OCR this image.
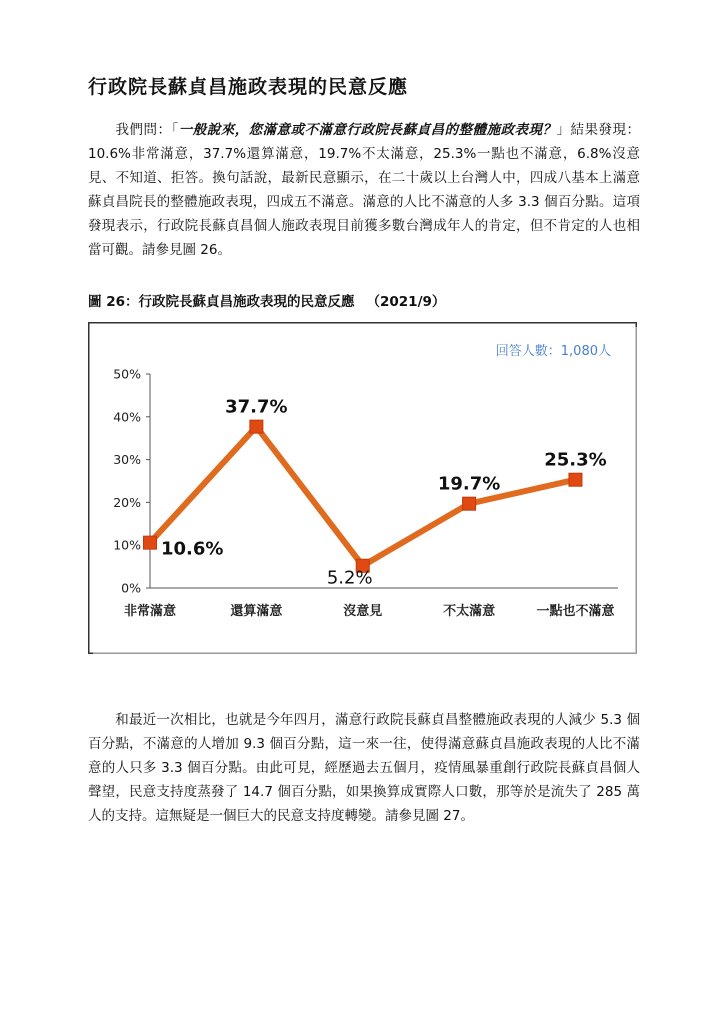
行政院長蘇貞昌施政表現的民意反應

我們問：「一般說來，您滿意或不滿意行政院長蘇貞昌的整體施政表現？」結果發現：10.6%非常滿意，37.7%還算滿意，19.7%不太滿意，25.3%一點也不滿意，6.8%沒意見、不知道、拒答。換句話說，最新民意顯示，在二十歲以上台灣人中，四成八基本上滿意蘇貞昌院長的整體施政表現，四成五不滿意。滿意的人比不滿意的人多 3.3 個百分點。這項發現表示，行政院長蘇貞昌個人施政表現目前獲多數台灣成年人的肯定，但不肯定的人也相當可觀。請參見圖 26。

圖 26：行政院長蘇貞昌施政表現的民意反應 （2021/9）

回答人數：1,080人
0%
10%
20%
30%
40%
50%
非常滿意	還算滿意	沒意見	不太滿意	一點也不滿意
10.6%
37.7%
5.2%
19.7%
25.3%

和最近一次相比，也就是今年四月，滿意行政院長蘇貞昌整體施政表現的人減少 5.3 個百分點，不滿意的人增加 9.3 個百分點，這一來一往，使得滿意蘇貞昌施政表現的人比不滿意的人只多 3.3 個百分點。由此可見，經歷過去五個月，疫情風暴重創行政院長蘇貞昌個人聲望，民意支持度蒸發了 14.7 個百分點，如果換算成實際人口數，那等於是流失了 285 萬人的支持。這無疑是一個巨大的民意支持度轉變。請參見圖 27。
